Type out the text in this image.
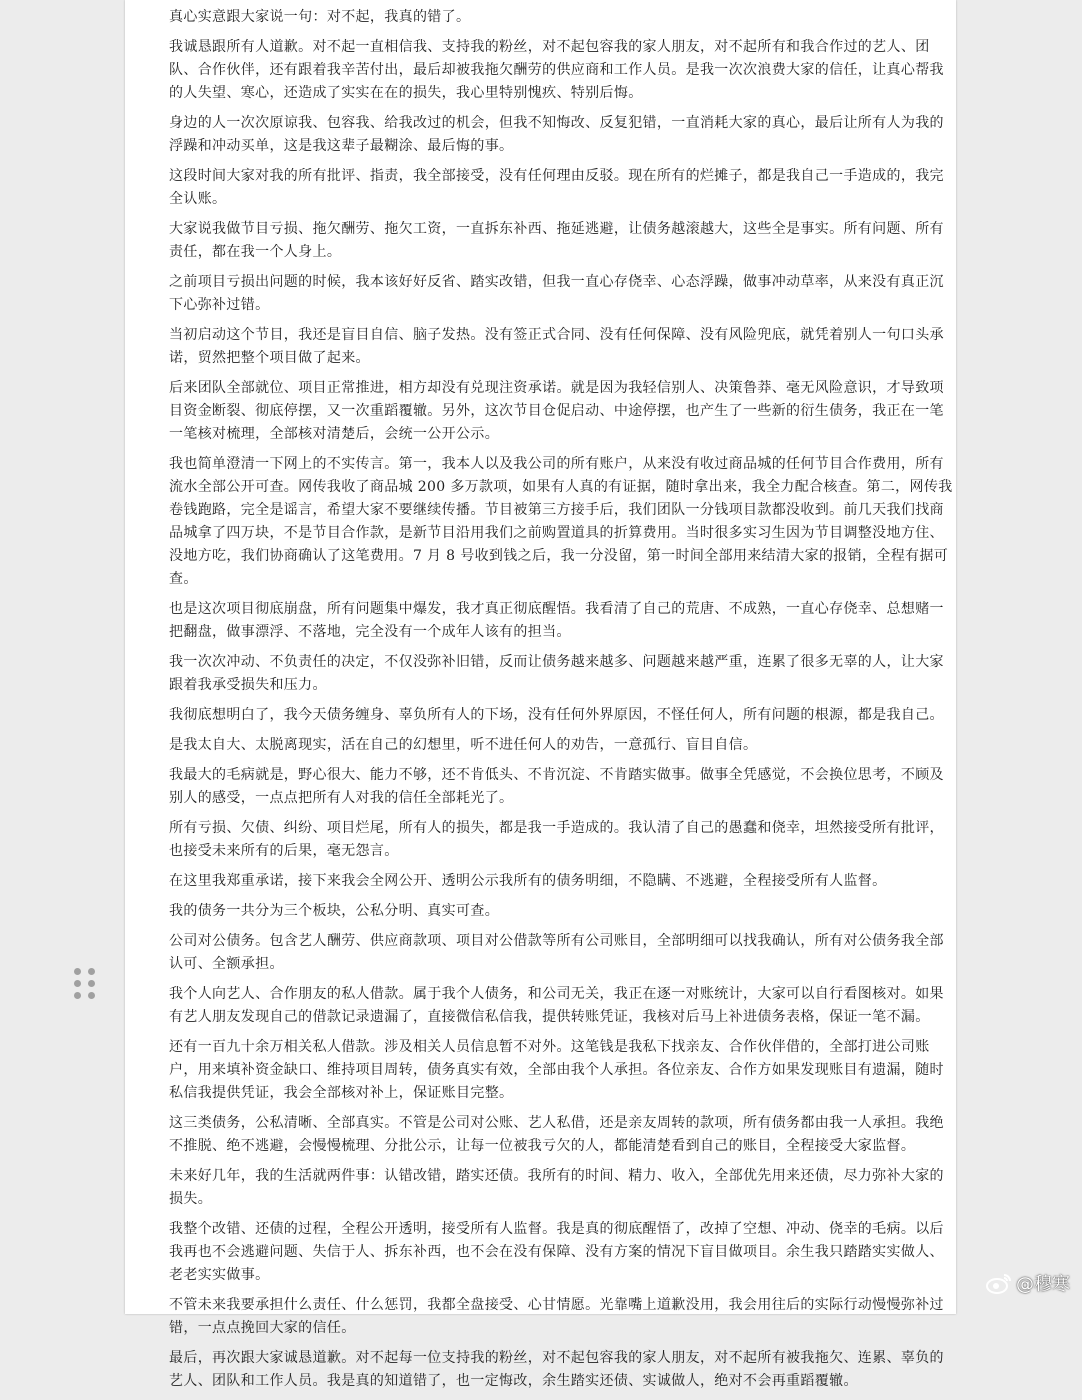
真心实意跟大家说一句：对不起，我真的错了。

我诚恳跟所有人道歉。对不起一直相信我、支持我的粉丝，对不起包容我的家人朋友，对不起所有和我合作过的艺人、团队、合作伙伴，还有跟着我辛苦付出，最后却被我拖欠酬劳的供应商和工作人员。是我一次次浪费大家的信任，让真心帮我的人失望、寒心，还造成了实实在在的损失，我心里特别愧疚、特别后悔。

身边的人一次次原谅我、包容我、给我改过的机会，但我不知悔改、反复犯错，一直消耗大家的真心，最后让所有人为我的浮躁和冲动买单，这是我这辈子最糊涂、最后悔的事。

这段时间大家对我的所有批评、指责，我全部接受，没有任何理由反驳。现在所有的烂摊子，都是我自己一手造成的，我完全认账。

大家说我做节目亏损、拖欠酬劳、拖欠工资，一直拆东补西、拖延逃避，让债务越滚越大，这些全是事实。所有问题、所有责任，都在我一个人身上。

之前项目亏损出问题的时候，我本该好好反省、踏实改错，但我一直心存侥幸、心态浮躁，做事冲动草率，从来没有真正沉下心弥补过错。

当初启动这个节目，我还是盲目自信、脑子发热。没有签正式合同、没有任何保障、没有风险兜底，就凭着别人一句口头承诺，贸然把整个项目做了起来。

后来团队全部就位、项目正常推进，相方却没有兑现注资承诺。就是因为我轻信别人、决策鲁莽、毫无风险意识，才导致项目资金断裂、彻底停摆，又一次重蹈覆辙。另外，这次节目仓促启动、中途停摆，也产生了一些新的衍生债务，我正在一笔一笔核对梳理，全部核对清楚后，会统一公开公示。

我也简单澄清一下网上的不实传言。第一，我本人以及我公司的所有账户，从来没有收过商品城的任何节目合作费用，所有流水全部公开可查。网传我收了商品城 200 多万款项，如果有人真的有证据，随时拿出来，我全力配合核查。第二，网传我卷钱跑路，完全是谣言，希望大家不要继续传播。节目被第三方接手后，我们团队一分钱项目款都没收到。前几天我们找商品城拿了四万块，不是节目合作款，是新节目沿用我们之前购置道具的折算费用。当时很多实习生因为节目调整没地方住、没地方吃，我们协商确认了这笔费用。7 月 8 号收到钱之后，我一分没留，第一时间全部用来结清大家的报销，全程有据可查。

也是这次项目彻底崩盘，所有问题集中爆发，我才真正彻底醒悟。我看清了自己的荒唐、不成熟，一直心存侥幸、总想赌一把翻盘，做事漂浮、不落地，完全没有一个成年人该有的担当。

我一次次冲动、不负责任的决定，不仅没弥补旧错，反而让债务越来越多、问题越来越严重，连累了很多无辜的人，让大家跟着我承受损失和压力。

我彻底想明白了，我今天债务缠身、辜负所有人的下场，没有任何外界原因，不怪任何人，所有问题的根源，都是我自己。

是我太自大、太脱离现实，活在自己的幻想里，听不进任何人的劝告，一意孤行、盲目自信。

我最大的毛病就是，野心很大、能力不够，还不肯低头、不肯沉淀、不肯踏实做事。做事全凭感觉，不会换位思考，不顾及别人的感受，一点点把所有人对我的信任全部耗光了。

所有亏损、欠债、纠纷、项目烂尾，所有人的损失，都是我一手造成的。我认清了自己的愚蠢和侥幸，坦然接受所有批评，也接受未来所有的后果，毫无怨言。

在这里我郑重承诺，接下来我会全网公开、透明公示我所有的债务明细，不隐瞒、不逃避，全程接受所有人监督。

我的债务一共分为三个板块，公私分明、真实可查。

公司对公债务。包含艺人酬劳、供应商款项、项目对公借款等所有公司账目，全部明细可以找我确认，所有对公债务我全部认可、全额承担。

我个人向艺人、合作朋友的私人借款。属于我个人债务，和公司无关，我正在逐一对账统计，大家可以自行看图核对。如果有艺人朋友发现自己的借款记录遗漏了，直接微信私信我，提供转账凭证，我核对后马上补进债务表格，保证一笔不漏。

还有一百九十余万相关私人借款。涉及相关人员信息暂不对外。这笔钱是我私下找亲友、合作伙伴借的，全部打进公司账户，用来填补资金缺口、维持项目周转，债务真实有效，全部由我个人承担。各位亲友、合作方如果发现账目有遗漏，随时私信我提供凭证，我会全部核对补上，保证账目完整。

这三类债务，公私清晰、全部真实。不管是公司对公账、艺人私借，还是亲友周转的款项，所有债务都由我一人承担。我绝不推脱、绝不逃避，会慢慢梳理、分批公示，让每一位被我亏欠的人，都能清楚看到自己的账目，全程接受大家监督。

未来好几年，我的生活就两件事：认错改错，踏实还债。我所有的时间、精力、收入，全部优先用来还债，尽力弥补大家的损失。

我整个改错、还债的过程，全程公开透明，接受所有人监督。我是真的彻底醒悟了，改掉了空想、冲动、侥幸的毛病。以后我再也不会逃避问题、失信于人、拆东补西，也不会在没有保障、没有方案的情况下盲目做项目。余生我只踏踏实实做人、老老实实做事。

不管未来我要承担什么责任、什么惩罚，我都全盘接受、心甘情愿。光靠嘴上道歉没用，我会用往后的实际行动慢慢弥补过错，一点点挽回大家的信任。

最后，再次跟大家诚恳道歉。对不起每一位支持我的粉丝，对不起包容我的家人朋友，对不起所有被我拖欠、连累、辜负的艺人、团队和工作人员。我是真的知道错了，也一定悔改，余生踏实还债、实诚做人，绝对不会再重蹈覆辙。

@穆寒
